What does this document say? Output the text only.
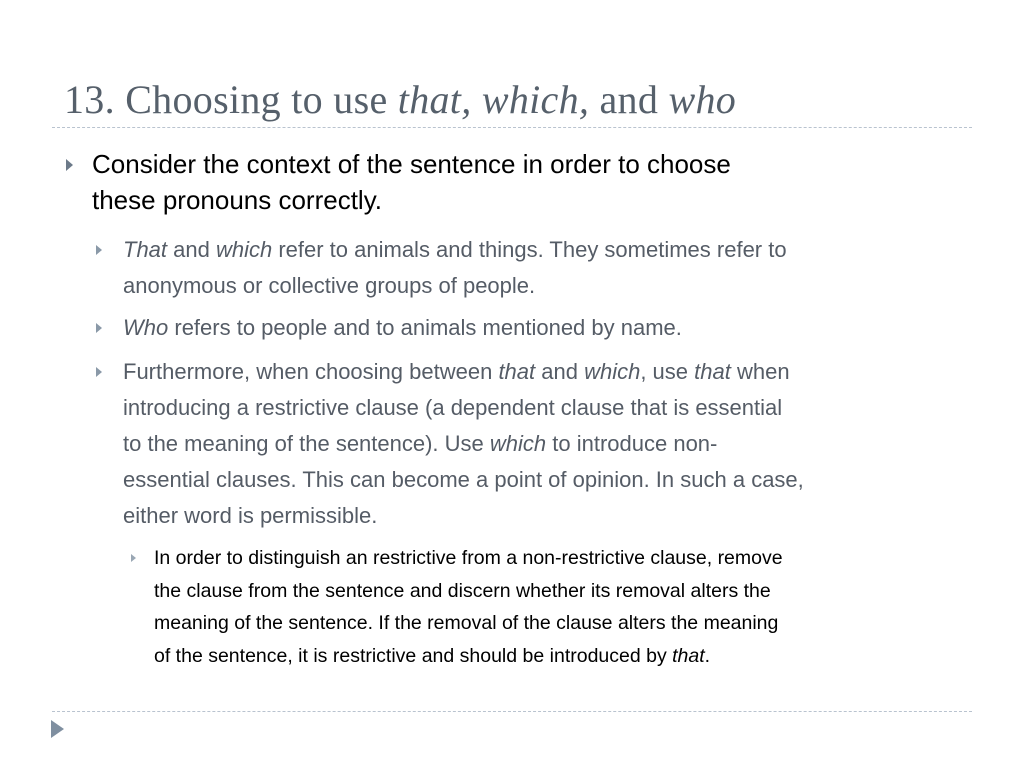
13. Choosing to use that, which, and who
Consider the context of the sentence in order to choose
these pronouns correctly.
That and which refer to animals and things. They sometimes refer to
anonymous or collective groups of people.
Who refers to people and to animals mentioned by name.
Furthermore, when choosing between that and which, use that when
introducing a restrictive clause (a dependent clause that is essential
to the meaning of the sentence). Use which to introduce non-
essential clauses. This can become a point of opinion. In such a case,
either word is permissible.
In order to distinguish an restrictive from a non-restrictive clause, remove
the clause from the sentence and discern whether its removal alters the
meaning of the sentence. If the removal of the clause alters the meaning
of the sentence, it is restrictive and should be introduced by that.
